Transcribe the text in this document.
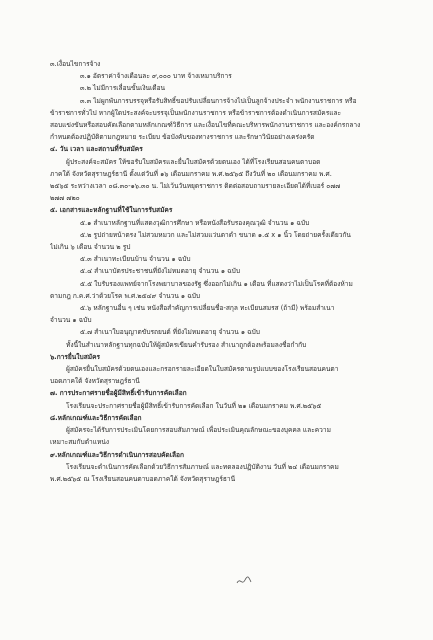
๓.เงื่อนไขการจ้าง
๓.๑ อัตราค่าจ้างเดือนละ ๙,๐๐๐ บาท จ้างเหมาบริการ
๓.๒ ไม่มีการเลื่อนขั้นเงินเดือน
๓.๓ ไม่ผูกพันการบรรจุหรือรับสิทธิ์ขอปรับเปลี่ยนการจ้างไปเป็นลูกจ้างประจำ พนักงานราชการ หรือ
ข้าราชการทั่วไป หากผู้ใดประสงค์จะบรรจุเป็นพนักงานราชการ หรือข้าราชการต้องดำเนินการสมัครและ
สอบแข่งขันหรือสอบคัดเลือกตามหลักเกณฑ์วิธีการ และเงื่อนไขที่คณะบริหารพนักงานราชการ และองค์กรกลาง
กำหนดต้องปฏิบัติตามกฎหมาย ระเบียบ ข้อบังคับของทางราชการ และรักษาวินัยอย่างเคร่งครัด
๔. วัน เวลา และสถานที่รับสมัคร
ผู้ประสงค์จะสมัคร ให้ขอรับใบสมัครและยื่นใบสมัครด้วยตนเอง ได้ที่โรงเรียนสอนคนตาบอด
ภาคใต้ จังหวัดสุราษฎร์ธานี ตั้งแต่วันที่ ๑๖ เดือนมกราคม พ.ศ.๒๕๖๕ ถึงวันที่ ๒๐ เดือนมกราคม พ.ศ.
๒๕๖๕ ระหว่างเวลา ๐๘.๓๐-๑๖.๓๐ น. ไม่เว้นวันหยุดราชการ ติดต่อสอบถามรายละเอียดได้ที่เบอร์ ๐๗๗
๒๗๗ ๗๒๐
๕. เอกสารและหลักฐานที่ใช้ในการรับสมัคร
๕.๑ สำเนาหลักฐานที่แสดงวุฒิการศึกษา หรือหนังสือรับรองคุณวุฒิ จำนวน ๑ ฉบับ
๕.๒ รูปถ่ายหน้าตรง ไม่สวมหมวก และไม่สวมแว่นตาดำ ขนาด ๑.๕ x ๑ นิ้ว โดยถ่ายครั้งเดียวกัน
ไม่เกิน ๖ เดือน จำนวน ๒ รูป
๕.๓ สำเนาทะเบียนบ้าน จำนวน ๑ ฉบับ
๕.๔ สำเนาบัตรประชาชนที่ยังไม่หมดอายุ จำนวน ๑ ฉบับ
๕.๕ ใบรับรองแพทย์จากโรงพยาบาลของรัฐ ซึ่งออกไม่เกิน ๑ เดือน ที่แสดงว่าไม่เป็นโรคที่ต้องห้าม
ตามกฎ ก.ค.ศ.ว่าด้วยโรค พ.ศ.๒๕๔๙ จำนวน ๑ ฉบับ
๕.๖ หลักฐานอื่น ๆ เช่น หนังสือสำคัญการเปลี่ยนชื่อ-สกุล ทะเบียนสมรส (ถ้ามี) พร้อมสำเนา
จำนวน ๑ ฉบับ
๕.๗ สำเนาใบอนุญาตขับรถยนต์ ที่ยังไม่หมดอายุ จำนวน ๑ ฉบับ
ทั้งนี้ในสำเนาหลักฐานทุกฉบับให้ผู้สมัครเขียนคำรับรอง สำเนาถูกต้องพร้อมลงชื่อกำกับ
๖.การยื่นใบสมัคร
ผู้สมัครยื่นใบสมัครด้วยตนเองและกรอกรายละเอียดในใบสมัครตามรูปแบบของโรงเรียนสอนคนตา
บอดภาคใต้ จังหวัดสุราษฎร์ธานี
๗. การประกาศรายชื่อผู้มีสิทธิ์เข้ารับการคัดเลือก
โรงเรียนจะประกาศรายชื่อผู้มีสิทธิ์เข้ารับการคัดเลือก ในวันที่ ๒๑ เดือนมกราคม พ.ศ.๒๕๖๕
๘.หลักเกณฑ์และวิธีการคัดเลือก
ผู้สมัครจะได้รับการประเมินโดยการสอบสัมภาษณ์ เพื่อประเมินคุณลักษณะของบุคคล และความ
เหมาะสมกับตำแหน่ง
๙.หลักเกณฑ์และวิธีการดำเนินการสอบคัดเลือก
โรงเรียนจะดำเนินการคัดเลือกด้วยวิธีการสัมภาษณ์ และทดลองปฏิบัติงาน วันที่ ๒๔ เดือนมกราคม
พ.ศ.๒๕๖๕ ณ โรงเรียนสอนคนตาบอดภาคใต้ จังหวัดสุราษฎร์ธานี
